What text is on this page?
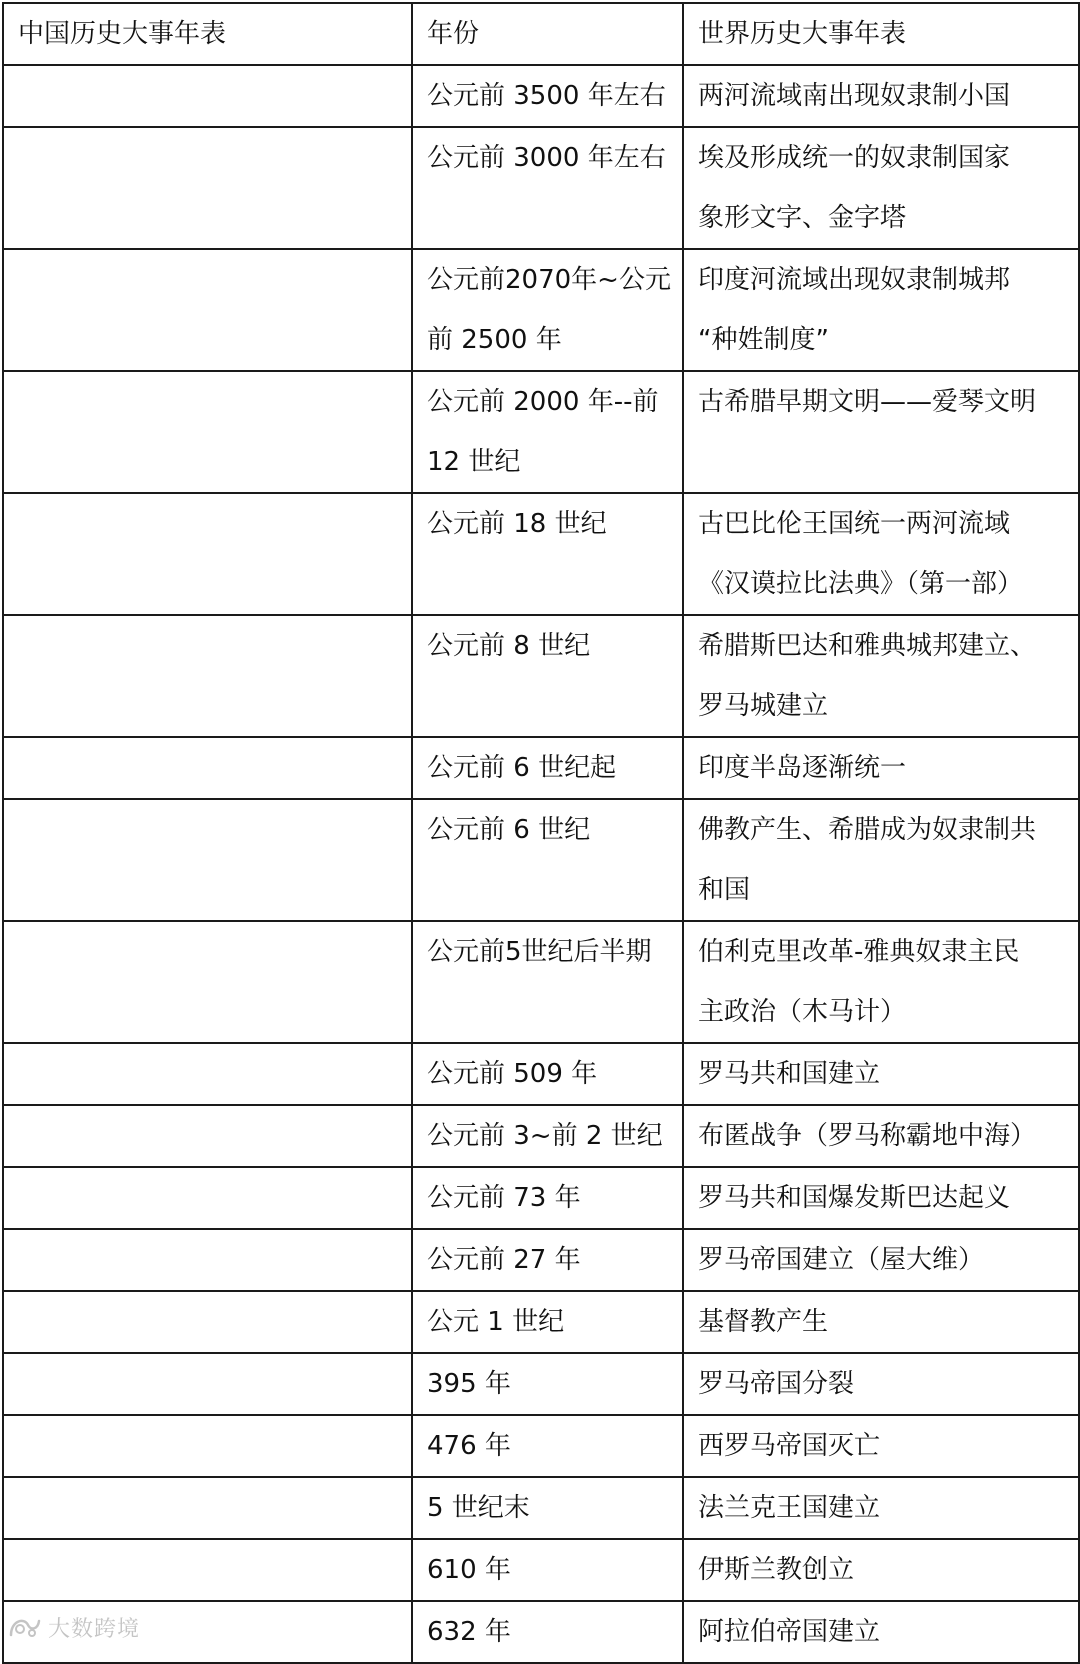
中国历史大事年表	年份	世界历史大事年表

	公元前 3500 年左右	两河流域南出现奴隶制小国

	公元前 3000 年左右	埃及形成统一的奴隶制国家
象形文字、金字塔

	公元前2070年~公元
前 2500 年	印度河流域出现奴隶制城邦
“种姓制度”

	公元前 2000 年--前
12 世纪	古希腊早期文明——爱琴文明

	公元前 18 世纪	古巴比伦王国统一两河流域
《汉谟拉比法典》（第一部）

	公元前 8 世纪	希腊斯巴达和雅典城邦建立、
罗马城建立

	公元前 6 世纪起	印度半岛逐渐统一

	公元前 6 世纪	佛教产生、希腊成为奴隶制共
和国

	公元前5世纪后半期	伯利克里改革-雅典奴隶主民
主政治（木马计）

	公元前 509 年	罗马共和国建立

	公元前 3~前 2 世纪	布匿战争（罗马称霸地中海）

	公元前 73 年	罗马共和国爆发斯巴达起义

	公元前 27 年	罗马帝国建立（屋大维）

	公元 1 世纪	基督教产生

	395 年	罗马帝国分裂

	476 年	西罗马帝国灭亡

	5 世纪末	法兰克王国建立

	610 年	伊斯兰教创立

	632 年	阿拉伯帝国建立
大数跨境
